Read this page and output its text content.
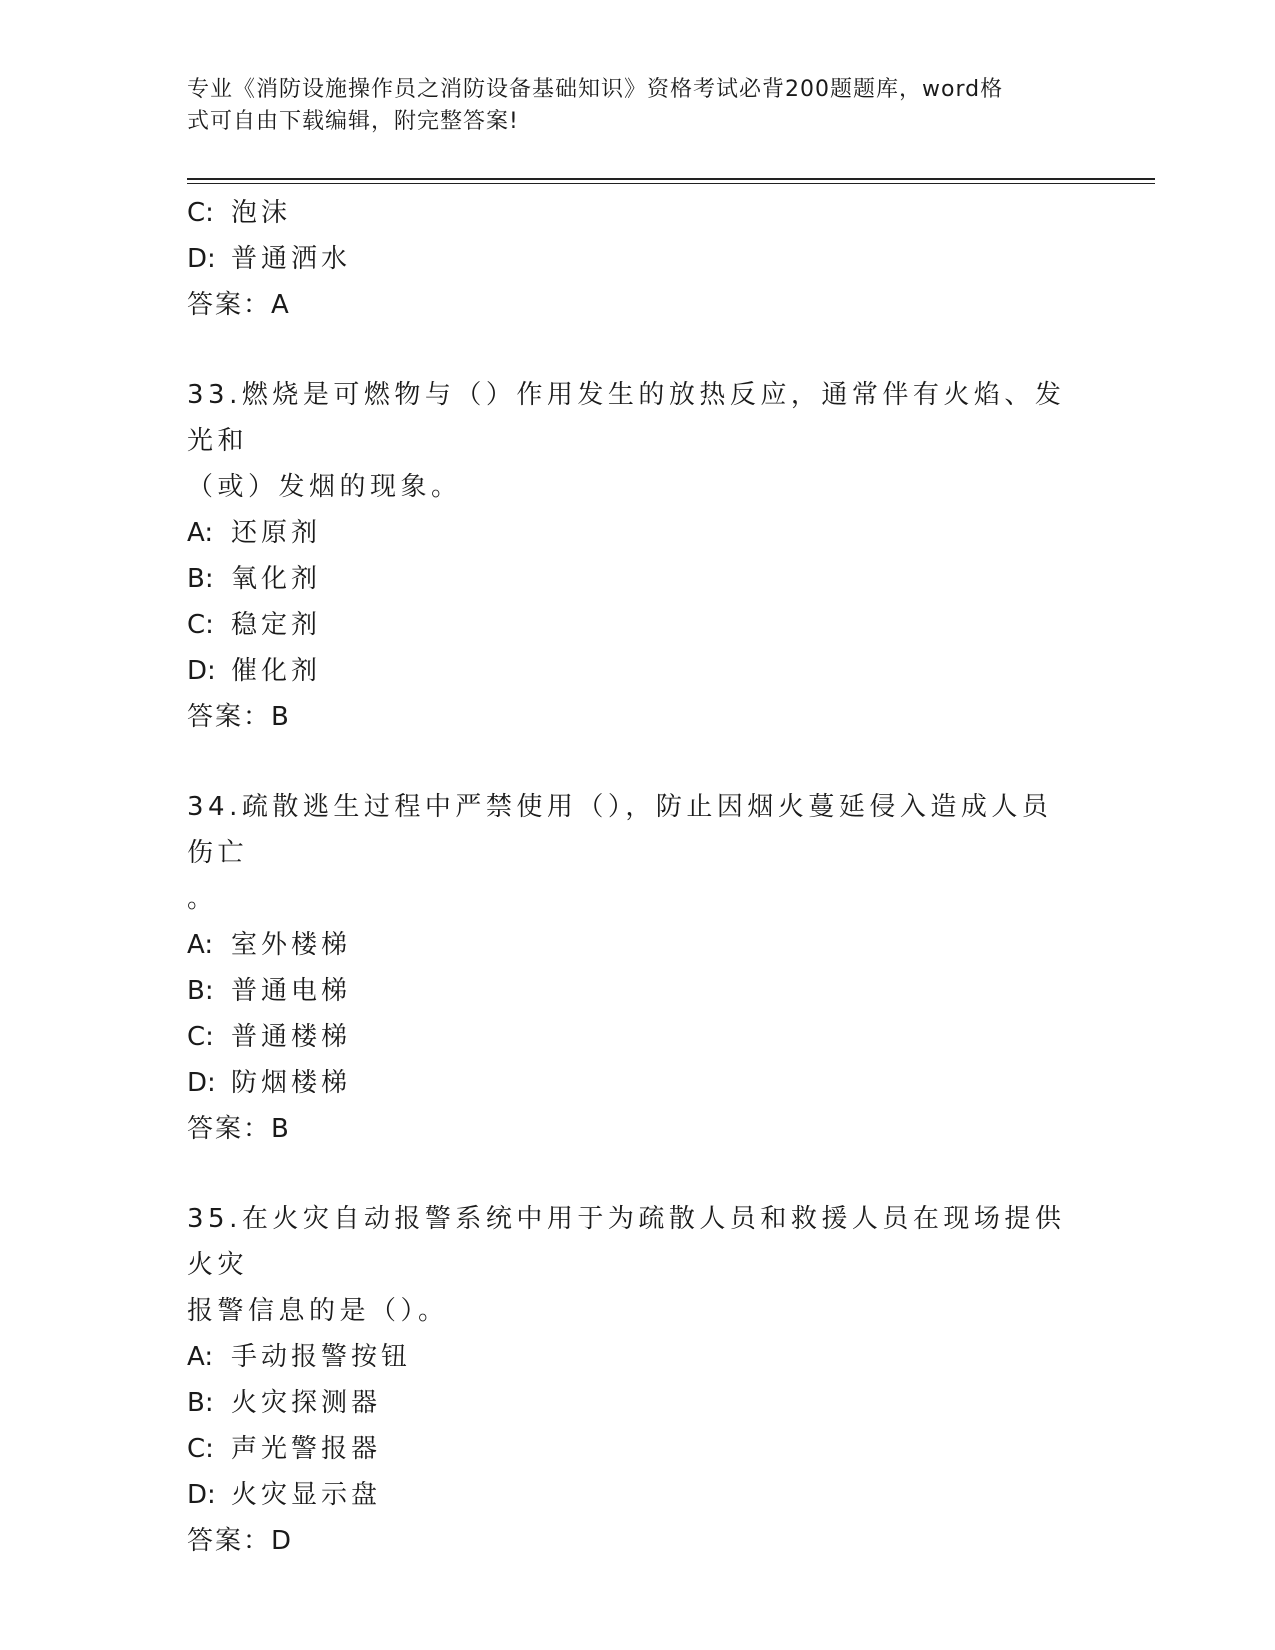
专业《消防设施操作员之消防设备基础知识》资格考试必背200题题库，word格
式可自由下载编辑，附完整答案!
C: 泡沫
D: 普通洒水
答案：A
33.燃烧是可燃物与（）作用发生的放热反应，通常伴有火焰、发光和
（或）发烟的现象。
A: 还原剂
B: 氧化剂
C: 稳定剂
D: 催化剂
答案：B
34.疏散逃生过程中严禁使用（），防止因烟火蔓延侵入造成人员伤亡
。
A: 室外楼梯
B: 普通电梯
C: 普通楼梯
D: 防烟楼梯
答案：B
35.在火灾自动报警系统中用于为疏散人员和救援人员在现场提供火灾
报警信息的是（）。
A: 手动报警按钮
B: 火灾探测器
C: 声光警报器
D: 火灾显示盘
答案：D
